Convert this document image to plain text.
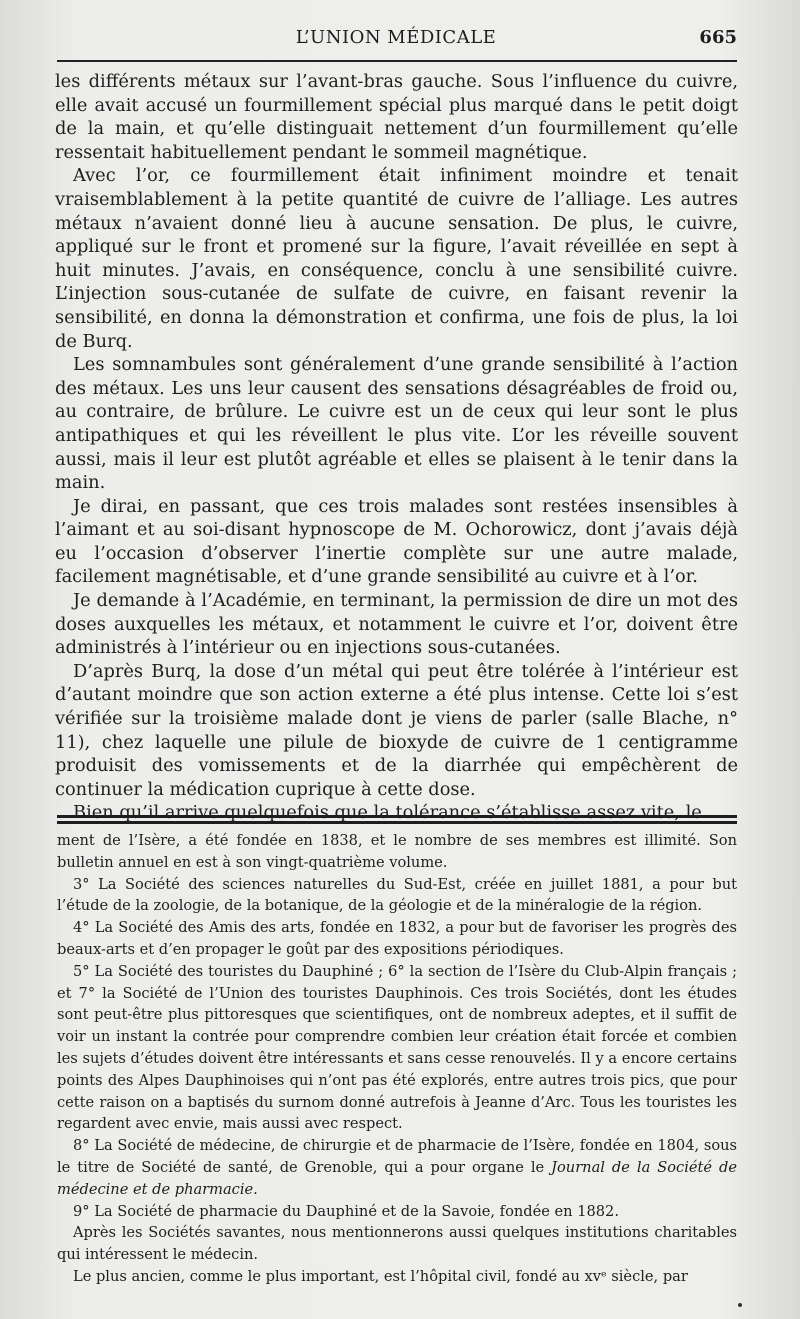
L’UNION MÉDICALE	665

les différents métaux sur l’avant-bras gauche. Sous l’influence du cuivre, elle avait accusé un fourmillement spécial plus marqué dans le petit doigt de la main, et qu’elle distinguait nettement d’un fourmillement qu’elle ressentait habituellement pendant le sommeil magnétique.

Avec l’or, ce fourmillement était infiniment moindre et tenait vraisemblablement à la petite quantité de cuivre de l’alliage. Les autres métaux n’avaient donné lieu à aucune sensation. De plus, le cuivre, appliqué sur le front et promené sur la figure, l’avait réveillée en sept à huit minutes. J’avais, en conséquence, conclu à une sensibilité cuivre. L’injection sous-cutanée de sulfate de cuivre, en faisant revenir la sensibilité, en donna la démonstration et confirma, une fois de plus, la loi de Burq.

Les somnambules sont généralement d’une grande sensibilité à l’action des métaux. Les uns leur causent des sensations désagréables de froid ou, au contraire, de brûlure. Le cuivre est un de ceux qui leur sont le plus antipathiques et qui les réveillent le plus vite. L’or les réveille souvent aussi, mais il leur est plutôt agréable et elles se plaisent à le tenir dans la main.

Je dirai, en passant, que ces trois malades sont restées insensibles à l’aimant et au soi-disant hypnoscope de M. Ochorowicz, dont j’avais déjà eu l’occasion d’observer l’inertie complète sur une autre malade, facilement magnétisable, et d’une grande sensibilité au cuivre et à l’or.

Je demande à l’Académie, en terminant, la permission de dire un mot des doses auxquelles les métaux, et notamment le cuivre et l’or, doivent être administrés à l’intérieur ou en injections sous-cutanées.

D’après Burq, la dose d’un métal qui peut être tolérée à l’intérieur est d’autant moindre que son action externe a été plus intense. Cette loi s’est vérifiée sur la troisième malade dont je viens de parler (salle Blache, n° 11), chez laquelle une pilule de bioxyde de cuivre de 1 centigramme produisit des vomissements et de la diarrhée qui empêchèrent de continuer la médication cuprique à cette dose.

Bien qu’il arrive quelquefois que la tolérance s’établisse assez vite, le

ment de l’Isère, a été fondée en 1838, et le nombre de ses membres est illimité. Son bulletin annuel en est à son vingt-quatrième volume.

3° La Société des sciences naturelles du Sud-Est, créée en juillet 1881, a pour but l’étude de la zoologie, de la botanique, de la géologie et de la minéralogie de la région.

4° La Société des Amis des arts, fondée en 1832, a pour but de favoriser les progrès des beaux-arts et d’en propager le goût par des expositions périodiques.

5° La Société des touristes du Dauphiné ; 6° la section de l’Isère du Club-Alpin français ; et 7° la Société de l’Union des touristes Dauphinois. Ces trois Sociétés, dont les études sont peut-être plus pittoresques que scientifiques, ont de nombreux adeptes, et il suffit de voir un instant la contrée pour comprendre combien leur création était forcée et combien les sujets d’études doivent être intéressants et sans cesse renouvelés. Il y a encore certains points des Alpes Dauphinoises qui n’ont pas été explorés, entre autres trois pics, que pour cette raison on a baptisés du surnom donné autrefois à Jeanne d’Arc. Tous les touristes les regardent avec envie, mais aussi avec respect.

8° La Société de médecine, de chirurgie et de pharmacie de l’Isère, fondée en 1804, sous le titre de Société de santé, de Grenoble, qui a pour organe le Journal de la Société de médecine et de pharmacie.

9° La Société de pharmacie du Dauphiné et de la Savoie, fondée en 1882.

Après les Sociétés savantes, nous mentionnerons aussi quelques institutions charitables qui intéressent le médecin.

Le plus ancien, comme le plus important, est l’hôpital civil, fondé au xvᵉ siècle, par
